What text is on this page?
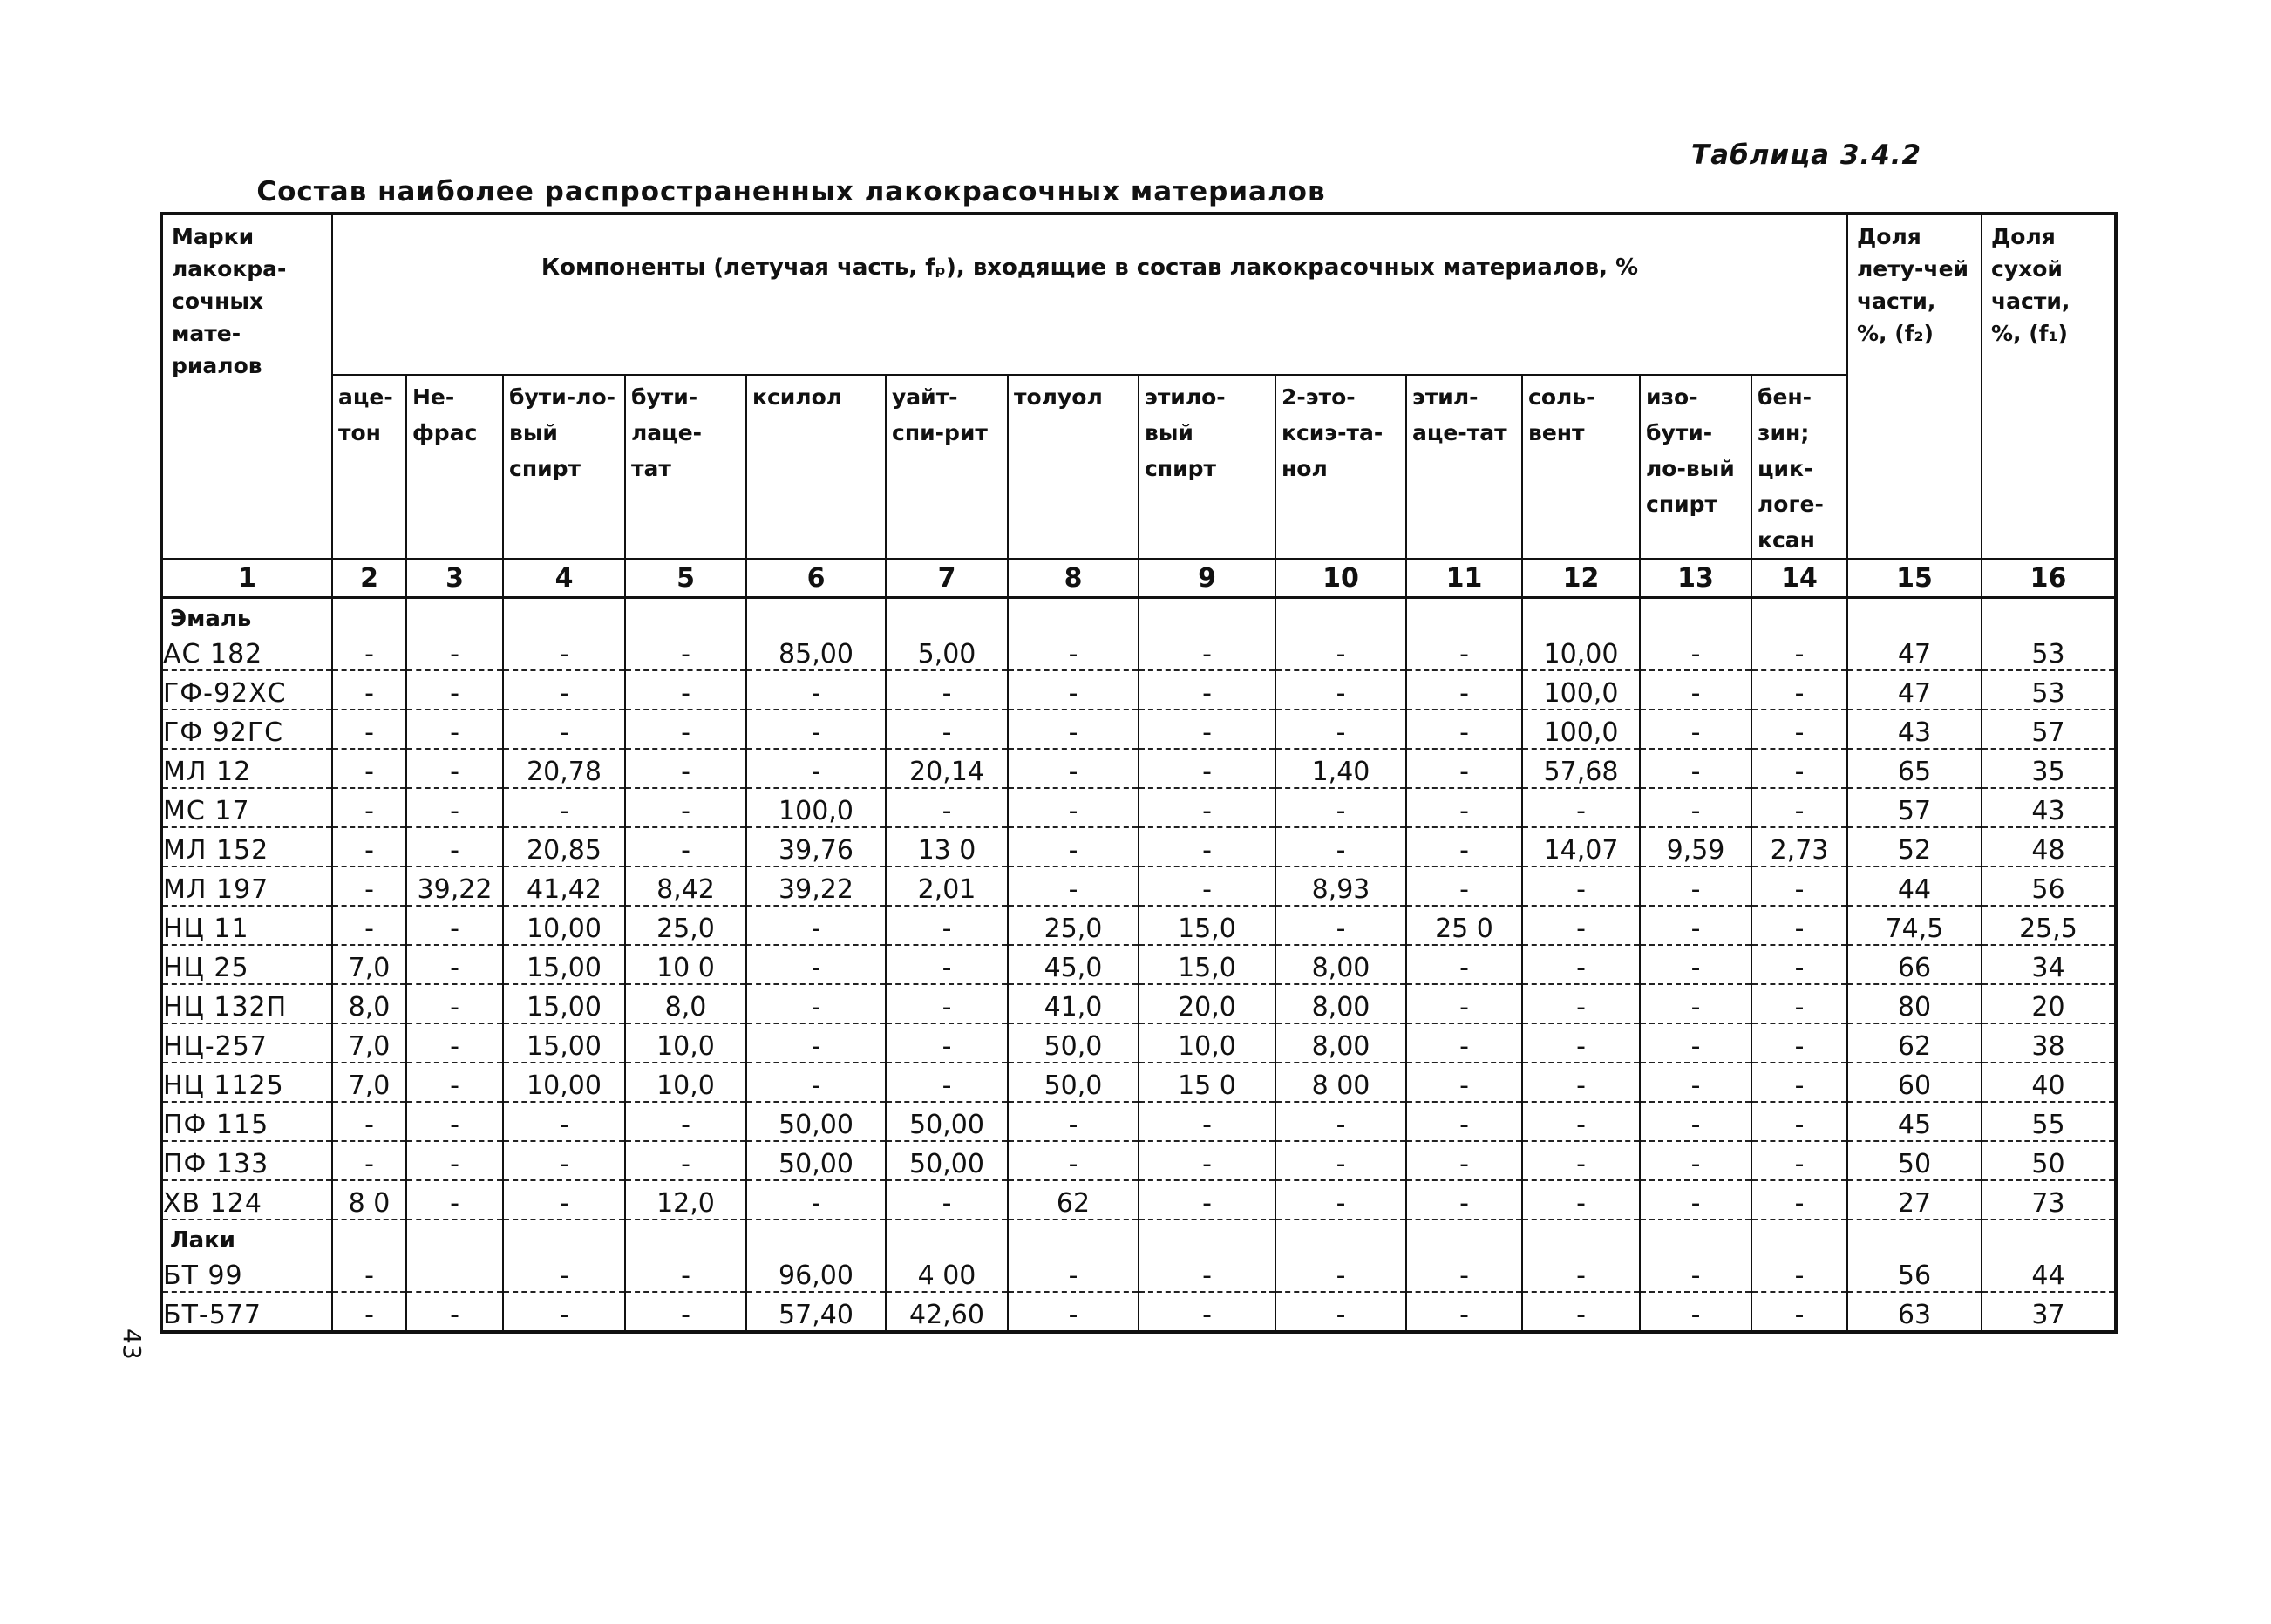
Таблица 3.4.2
Состав наиболее распространенных лакокрасочных материалов
Марки лакокра-сочных мате-риалов	Компоненты (летучая часть, fₚ), входящие в состав лакокрасочных материалов, %													Доля лету-чей части, %, (f₂)	Доля сухой части, %, (f₁)
	аце-тон	Не-фрас	бути-ло-вый спирт	бути-лаце-тат	ксилол	уайт-спи-рит	толуол	этило-вый спирт	2-это-ксиэ-та-нол	этил-аце-тат	соль-вент	изо-бути-ло-вый спирт	бен-зин; цик-логе-ксан		
1	2	3	4	5	6	7	8	9	10	11	12	13	14	15	16
Эмаль															
АС 182	-	-	-	-	85,00	5,00	-	-	-	-	10,00	-	-	47	53
ГФ-92ХС	-	-	-	-	-	-	-	-	-	-	100,0	-	-	47	53
ГФ 92ГС	-	-	-	-	-	-	-	-	-	-	100,0	-	-	43	57
МЛ 12	-	-	20,78	-	-	20,14	-	-	1,40	-	57,68	-	-	65	35
МС 17	-	-	-	-	100,0	-	-	-	-	-	-	-	-	57	43
МЛ 152	-	-	20,85	-	39,76	13 0	-	-	-	-	14,07	9,59	2,73	52	48
МЛ 197	-	39,22	41,42	8,42	39,22	2,01	-	-	8,93	-	-	-	-	44	56
НЦ 11	-	-	10,00	25,0	-	-	25,0	15,0	-	25 0	-	-	-	74,5	25,5
НЦ 25	7,0	-	15,00	10 0	-	-	45,0	15,0	8,00	-	-	-	-	66	34
НЦ 132П	8,0	-	15,00	8,0	-	-	41,0	20,0	8,00	-	-	-	-	80	20
НЦ-257	7,0	-	15,00	10,0	-	-	50,0	10,0	8,00	-	-	-	-	62	38
НЦ 1125	7,0	-	10,00	10,0	-	-	50,0	15 0	8 00	-	-	-	-	60	40
ПФ 115	-	-	-	-	50,00	50,00	-	-	-	-	-	-	-	45	55
ПФ 133	-	-	-	-	50,00	50,00	-	-	-	-	-	-	-	50	50
ХВ 124	8 0	-	-	12,0	-	-	62	-	-	-	-	-	-	27	73
Лаки															
БТ 99	-		-	-	96,00	4 00	-	-	-	-	-	-	-	56	44
БТ-577	-	-	-	-	57,40	42,60	-	-	-	-	-	-	-	63	37
43
